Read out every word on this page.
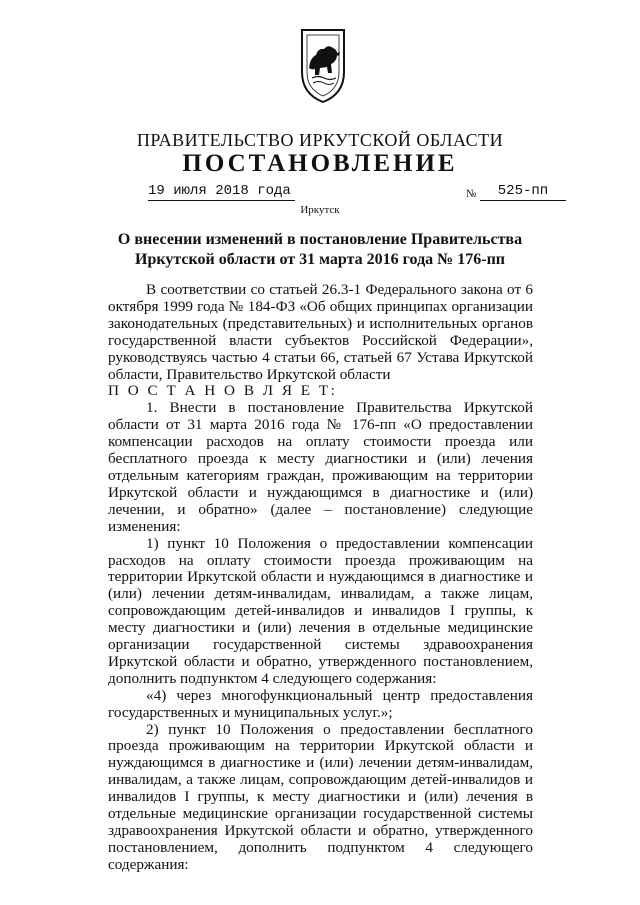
ПРАВИТЕЛЬСТВО ИРКУТСКОЙ ОБЛАСТИ
ПОСТАНОВЛЕНИЕ
19 июля 2018 года	№	525-пп
Иркутск
О внесении изменений в постановление Правительства Иркутской области от 31 марта 2016 года № 176-пп

В соответствии со статьей 26.3-1 Федерального закона от 6 октября 1999 года № 184-ФЗ «Об общих принципах организации законодательных (представительных) и исполнительных органов государственной власти субъектов Российской Федерации», руководствуясь частью 4 статьи 66, статьей 67 Устава Иркутской области, Правительство Иркутской области

П О С Т А Н О В Л Я Е Т:

1. Внести в постановление Правительства Иркутской области от 31 марта 2016 года № 176-пп «О предоставлении компенсации расходов на оплату стоимости проезда или бесплатного проезда к месту диагностики и (или) лечения отдельным категориям граждан, проживающим на территории Иркутской области и нуждающимся в диагностике и (или) лечении, и обратно» (далее – постановление) следующие изменения:

1) пункт 10 Положения о предоставлении компенсации расходов на оплату стоимости проезда проживающим на территории Иркутской области и нуждающимся в диагностике и (или) лечении детям-инвалидам, инвалидам, а также лицам, сопровождающим детей-инвалидов и инвалидов I группы, к месту диагностики и (или) лечения в отдельные медицинские организации государственной системы здравоохранения Иркутской области и обратно, утвержденного постановлением, дополнить подпунктом 4 следующего содержания:

«4) через многофункциональный центр предоставления государственных и муниципальных услуг.»;

2) пункт 10 Положения о предоставлении бесплатного проезда проживающим на территории Иркутской области и нуждающимся в диагностике и (или) лечении детям-инвалидам, инвалидам, а также лицам, сопровождающим детей-инвалидов и инвалидов I группы, к месту диагностики и (или) лечения в отдельные медицинские организации государственной системы здравоохранения Иркутской области и обратно, утвержденного постановлением, дополнить подпунктом 4 следующего содержания:
